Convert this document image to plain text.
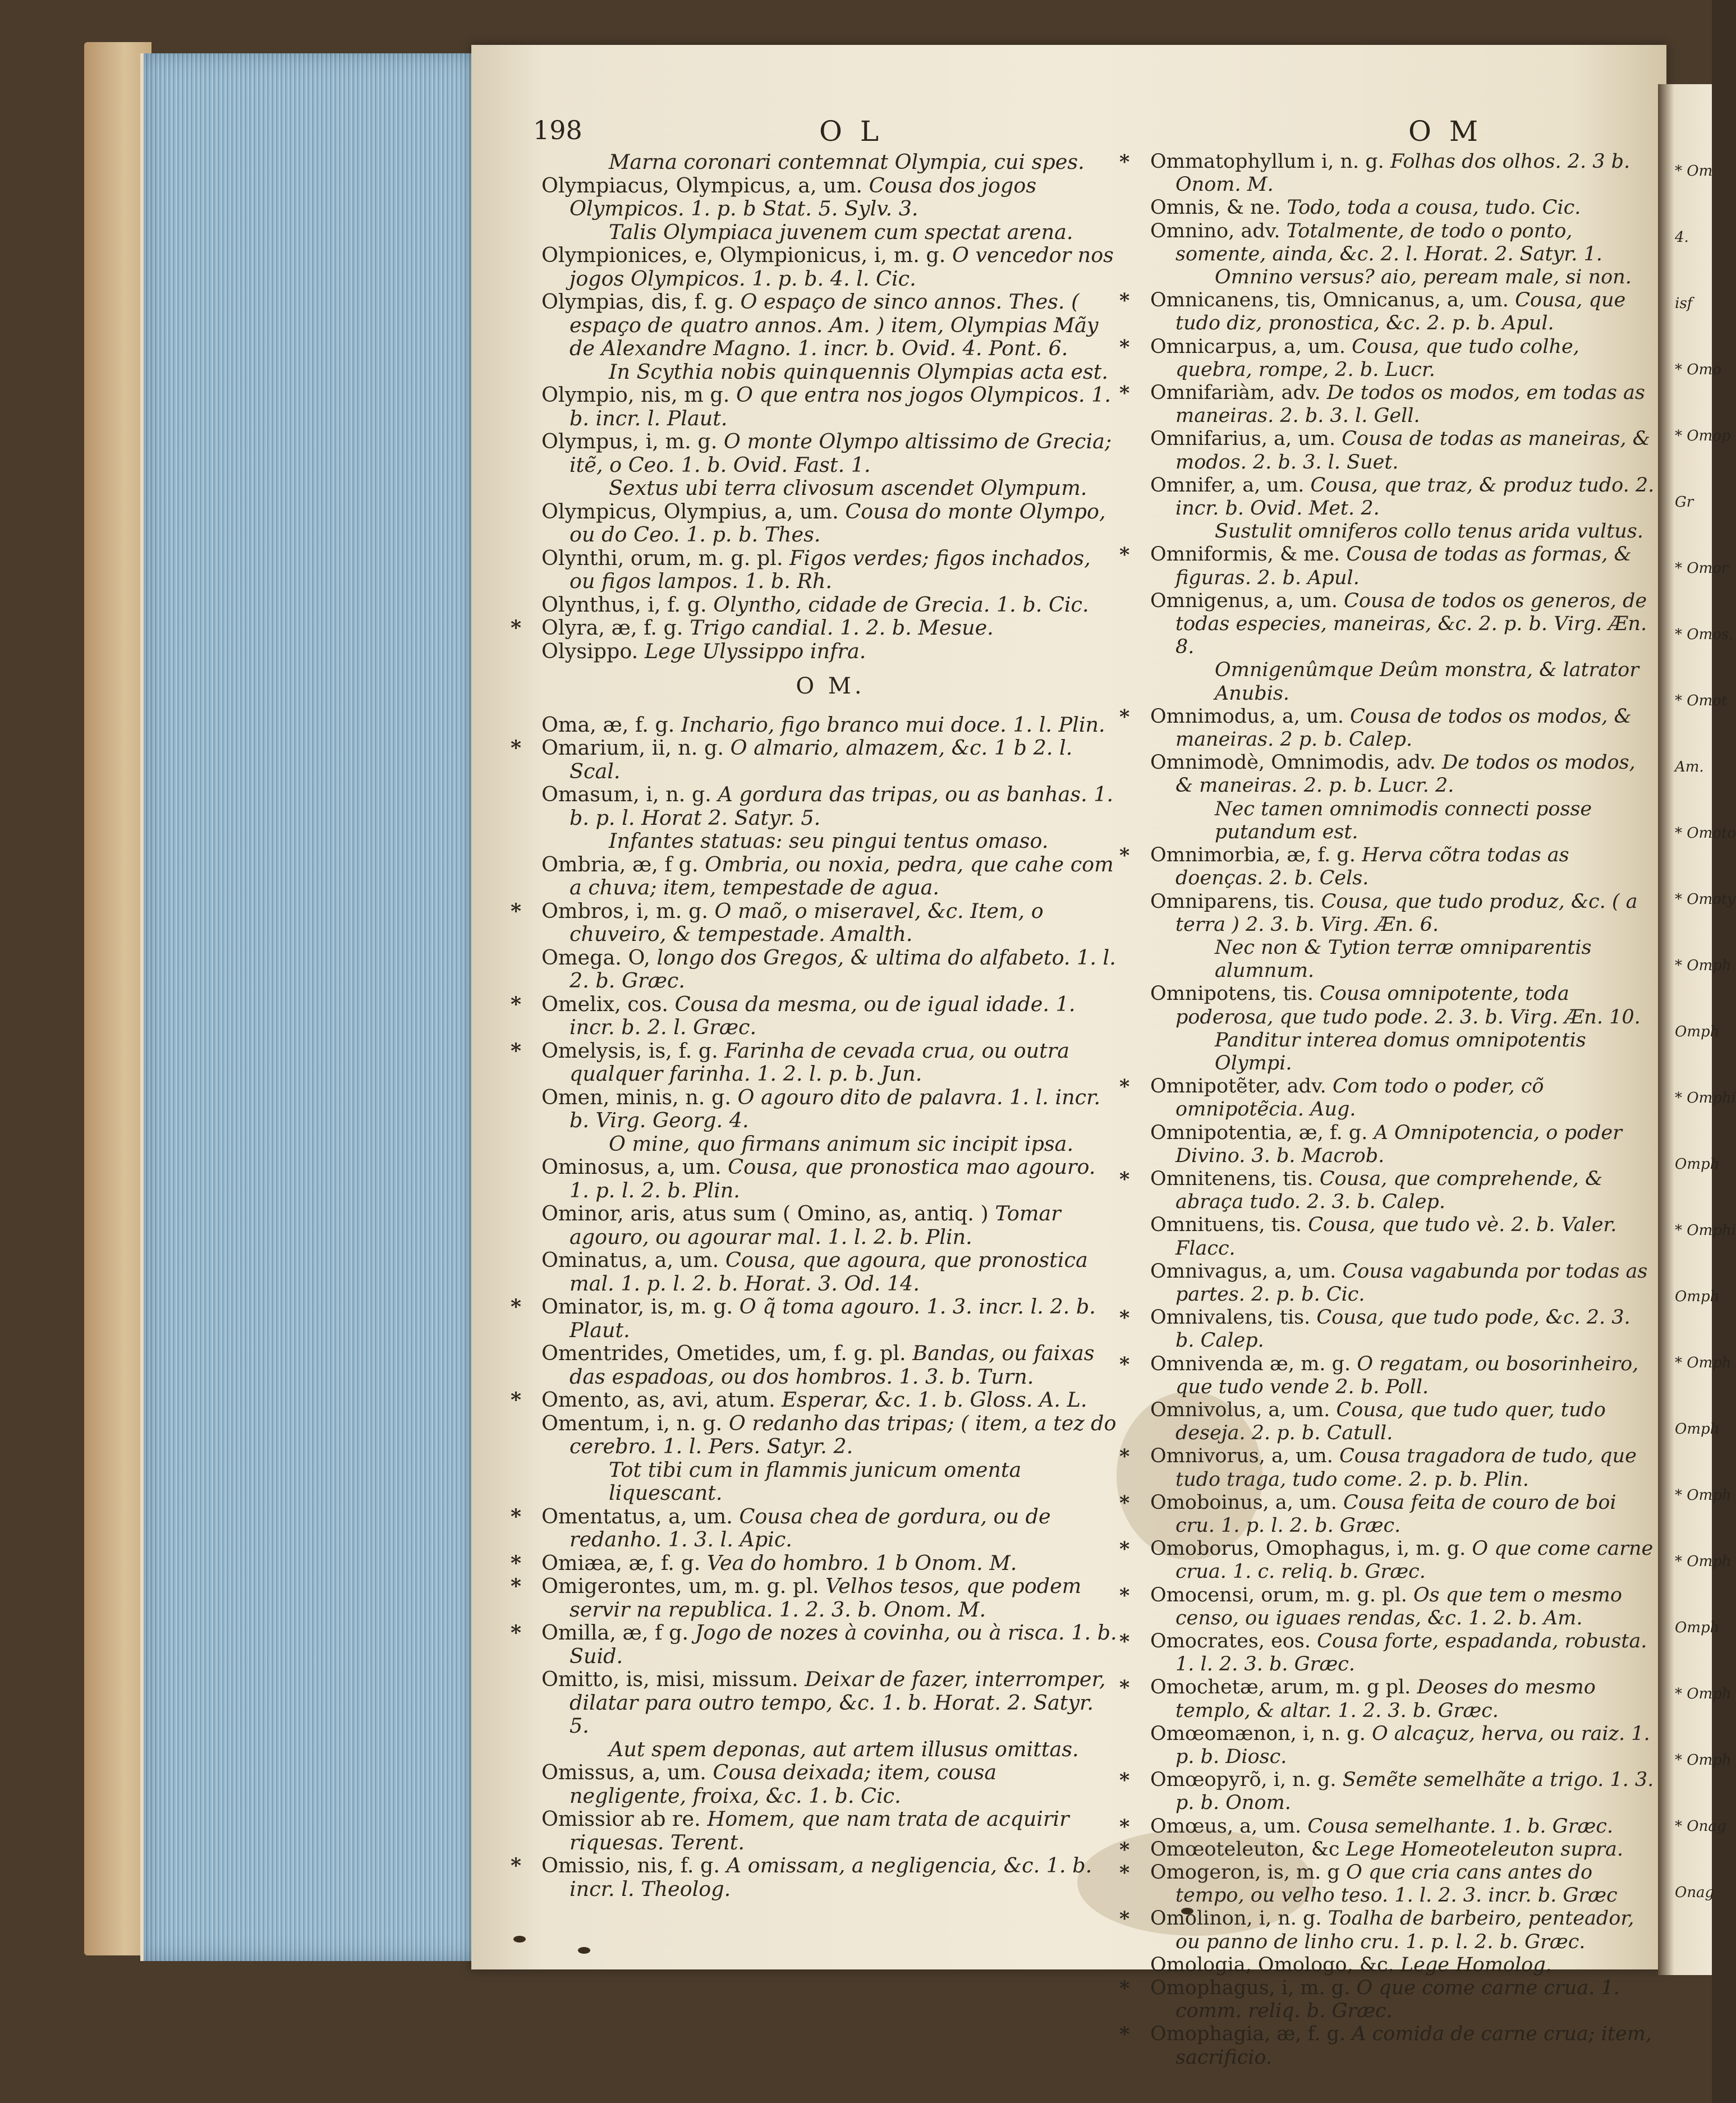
198	O L	O M

Marna coronari contemnat Olympia, cui spes.

Olympiacus, Olympicus, a, um. Cousa dos jogos Olympicos. 1. p. b Stat. 5. Sylv. 3.

Talis Olympiaca juvenem cum spectat arena.

Olympionices, e, Olympionicus, i, m. g. O vencedor nos jogos Olympicos. 1. p. b. 4. l. Cic.

Olympias, dis, f. g. O espaço de sinco annos. Thes. ( espaço de quatro annos. Am. ) item, Olympias Mãy de Alexandre Magno. 1. incr. b. Ovid. 4. Pont. 6.

In Scythia nobis quinquennis Olympias acta est.

Olympio, nis, m g. O que entra nos jogos Olympicos. 1. b. incr. l. Plaut.

Olympus, i, m. g. O monte Olympo altissimo de Grecia; itẽ, o Ceo. 1. b. Ovid. Fast. 1.

Sextus ubi terra clivosum ascendet Olympum.

Olympicus, Olympius, a, um. Cousa do monte Olympo, ou do Ceo. 1. p. b. Thes.

Olynthi, orum, m. g. pl. Figos verdes; figos inchados, ou figos lampos. 1. b. Rh.

Olynthus, i, f. g. Olyntho, cidade de Grecia. 1. b. Cic.

* Olyra, æ, f. g. Trigo candial. 1. 2. b. Mesue.

Olysippo. Lege Ulyssippo infra.

O M.

Oma, æ, f. g. Inchario, figo branco mui doce. 1. l. Plin.

* Omarium, ii, n. g. O almario, almazem, &c. 1 b 2. l. Scal.

Omasum, i, n. g. A gordura das tripas, ou as banhas. 1. b. p. l. Horat 2. Satyr. 5.

Infantes statuas: seu pingui tentus omaso.

Ombria, æ, f g. Ombria, ou noxia, pedra, que cahe com a chuva; item, tempestade de agua.

* Ombros, i, m. g. O maõ, o miseravel, &c. Item, o chuveiro, & tempestade. Amalth.

Omega. O, longo dos Gregos, & ultima do alfabeto. 1. l. 2. b. Græc.

* Omelix, cos. Cousa da mesma, ou de igual idade. 1. incr. b. 2. l. Græc.

* Omelysis, is, f. g. Farinha de cevada crua, ou outra qualquer farinha. 1. 2. l. p. b. Jun.

Omen, minis, n. g. O agouro dito de palavra. 1. l. incr. b. Virg. Georg. 4.

O mine, quo firmans animum sic incipit ipsa.

Ominosus, a, um. Cousa, que pronostica mao agouro. 1. p. l. 2. b. Plin.

Ominor, aris, atus sum ( Omino, as, antiq. ) Tomar agouro, ou agourar mal. 1. l. 2. b. Plin.

Ominatus, a, um. Cousa, que agoura, que pronostica mal. 1. p. l. 2. b. Horat. 3. Od. 14.

* Ominator, is, m. g. O q̃ toma agouro. 1. 3. incr. l. 2. b. Plaut.

Omentrides, Ometides, um, f. g. pl. Bandas, ou faixas das espadoas, ou dos hombros. 1. 3. b. Turn.

* Omento, as, avi, atum. Esperar, &c. 1. b. Gloss. A. L.

Omentum, i, n. g. O redanho das tripas; ( item, a tez do cerebro. 1. l. Pers. Satyr. 2.

Tot tibi cum in flammis junicum omenta liquescant.

* Omentatus, a, um. Cousa chea de gordura, ou de redanho. 1. 3. l. Apic.

* Omiæa, æ, f. g. Vea do hombro. 1 b Onom. M.

* Omigerontes, um, m. g. pl. Velhos tesos, que podem servir na republica. 1. 2. 3. b. Onom. M.

* Omilla, æ, f g. Jogo de nozes à covinha, ou à risca. 1. b. Suid.

Omitto, is, misi, missum. Deixar de fazer, interromper, dilatar para outro tempo, &c. 1. b. Horat. 2. Satyr. 5.

Aut spem deponas, aut artem illusus omittas.

Omissus, a, um. Cousa deixada; item, cousa negligente, froixa, &c. 1. b. Cic.

Omissior ab re. Homem, que nam trata de acquirir riquesas. Terent.

* Omissio, nis, f. g. A omissam, a negligencia, &c. 1. b. incr. l. Theolog.

* Ommatophyllum i, n. g. Folhas dos olhos. 2. 3 b. Onom. M.

Omnis, & ne. Todo, toda a cousa, tudo. Cic.

Omnino, adv. Totalmente, de todo o ponto, somente, ainda, &c. 2. l. Horat. 2. Satyr. 1.

Omnino versus? aio, peream male, si non.

* Omnicanens, tis, Omnicanus, a, um. Cousa, que tudo diz, pronostica, &c. 2. p. b. Apul.

* Omnicarpus, a, um. Cousa, que tudo colhe, quebra, rompe, 2. b. Lucr.

* Omnifariàm, adv. De todos os modos, em todas as maneiras. 2. b. 3. l. Gell.

Omnifarius, a, um. Cousa de todas as maneiras, & modos. 2. b. 3. l. Suet.

Omnifer, a, um. Cousa, que traz, & produz tudo. 2. incr. b. Ovid. Met. 2.

Sustulit omniferos collo tenus arida vultus.

* Omniformis, & me. Cousa de todas as formas, & figuras. 2. b. Apul.

Omnigenus, a, um. Cousa de todos os generos, de todas especies, maneiras, &c. 2. p. b. Virg. Æn. 8.

Omnigenûmque Deûm monstra, & latrator Anubis.

* Omnimodus, a, um. Cousa de todos os modos, & maneiras. 2 p. b. Calep.

Omnimodè, Omnimodis, adv. De todos os modos, & maneiras. 2. p. b. Lucr. 2.

Nec tamen omnimodis connecti posse putandum est.

* Omnimorbia, æ, f. g. Herva cõtra todas as doenças. 2. b. Cels.

Omniparens, tis. Cousa, que tudo produz, &c. ( a terra ) 2. 3. b. Virg. Æn. 6.

Nec non & Tytion terræ omniparentis alumnum.

Omnipotens, tis. Cousa omnipotente, toda poderosa, que tudo pode. 2. 3. b. Virg. Æn. 10.

Panditur interea domus omnipotentis Olympi.

* Omnipotẽter, adv. Com todo o poder, cõ omnipotẽcia. Aug.

Omnipotentia, æ, f. g. A Omnipotencia, o poder Divino. 3. b. Macrob.

* Omnitenens, tis. Cousa, que comprehende, & abraça tudo. 2. 3. b. Calep.

Omnituens, tis. Cousa, que tudo vè. 2. b. Valer. Flacc.

Omnivagus, a, um. Cousa vagabunda por todas as partes. 2. p. b. Cic.

* Omnivalens, tis. Cousa, que tudo pode, &c. 2. 3. b. Calep.

* Omnivenda æ, m. g. O regatam, ou bosorinheiro, que tudo vende 2. b. Poll.

Omnivolus, a, um. Cousa, que tudo quer, tudo deseja. 2. p. b. Catull.

* Omnivorus, a, um. Cousa tragadora de tudo, que tudo traga, tudo come. 2. p. b. Plin.

* Omoboinus, a, um. Cousa feita de couro de boi cru. 1. p. l. 2. b. Græc.

* Omoborus, Omophagus, i, m. g. O que come carne crua. 1. c. reliq. b. Græc.

* Omocensi, orum, m. g. pl. Os que tem o mesmo censo, ou iguaes rendas, &c. 1. 2. b. Am.

* Omocrates, eos. Cousa forte, espadanda, robusta. 1. l. 2. 3. b. Græc.

* Omochetæ, arum, m. g pl. Deoses do mesmo templo, & altar. 1. 2. 3. b. Græc.

Omœomænon, i, n. g. O alcaçuz, herva, ou raiz. 1. p. b. Diosc.

* Omœopyrõ, i, n. g. Semẽte semelhãte a trigo. 1. 3. p. b. Onom.

* Omœus, a, um. Cousa semelhante. 1. b. Græc.

* Omœoteleuton, &c Lege Homeoteleuton supra.

* Omogeron, is, m. g O que cria cans antes do tempo, ou velho teso. 1. l. 2. 3. incr. b. Græc

* Omolinon, i, n. g. Toalha de barbeiro, penteador, ou panno de linho cru. 1. p. l. 2. b. Græc.

Omologia, Omologo, &c. Lege Homolog.

* Omophagus, i, m. g. O que come carne crua. 1. comm. reliq. b. Græc.

* Omophagia, æ, f. g. A comida de carne crua; item, sacrificio.

* Om
4.
isf
* Omo
* Omop
Gr
* Omor
* Omos.
* Omot
Am.
* Omoto
* Omoty
* Omph
Omph
* Omphi
Omph
* Omphi
Omph
* Omph
Omph
* Omph
* Omph
Omph
* Omph
* Omph
* Onag
Onag
